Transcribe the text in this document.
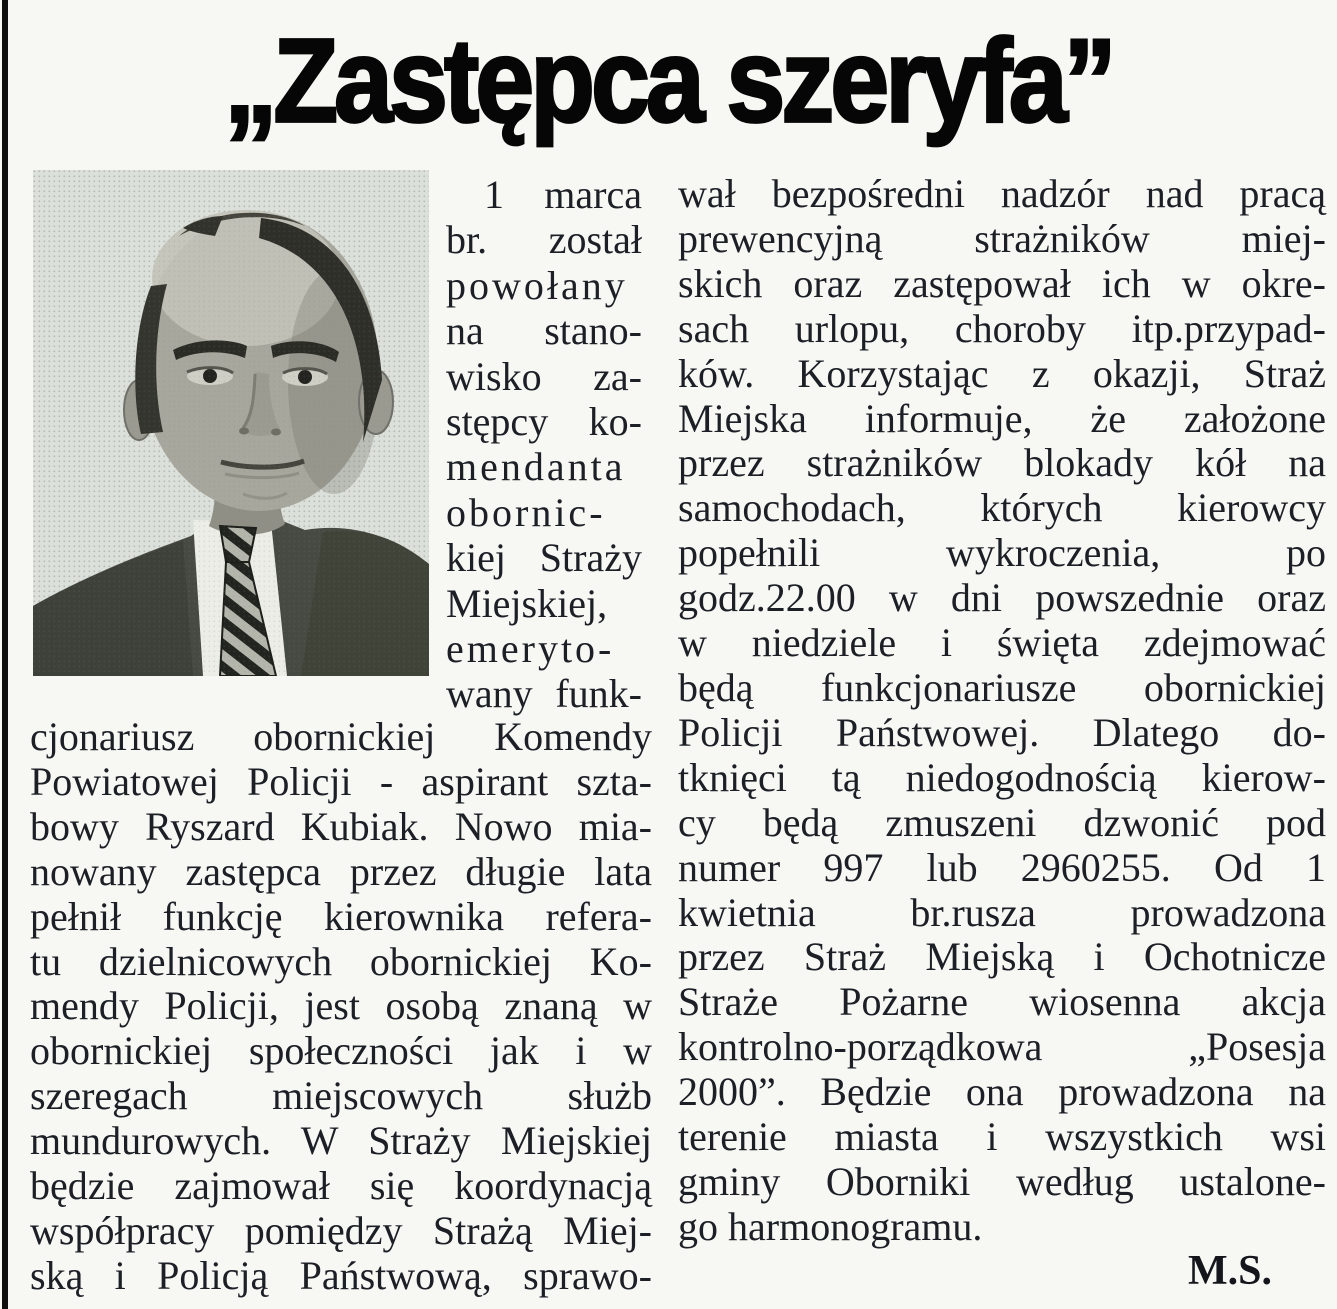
„Zastępca szeryfa”
1 marca
br. został
powołany
na stano-
wisko za-
stępcy ko-
mendanta
obornic-
kiej Straży
Miejskiej,
emeryto-
wany funk-
cjonariusz obornickiej Komendy
Powiatowej Policji - aspirant szta-
bowy Ryszard Kubiak. Nowo mia-
nowany zastępca przez długie lata
pełnił funkcję kierownika refera-
tu dzielnicowych obornickiej Ko-
mendy Policji, jest osobą znaną w
obornickiej społeczności jak i w
szeregach miejscowych służb
mundurowych. W Straży Miejskiej
będzie zajmował się koordynacją
współpracy pomiędzy Strażą Miej-
ską i Policją Państwową, sprawo-
wał bezpośredni nadzór nad pracą
prewencyjną strażników miej-
skich oraz zastępował ich w okre-
sach urlopu, choroby itp.przypad-
ków. Korzystając z okazji, Straż
Miejska informuje, że założone
przez strażników blokady kół na
samochodach, których kierowcy
popełnili wykroczenia, po
godz.22.00 w dni powszednie oraz
w niedziele i święta zdejmować
będą funkcjonariusze obornickiej
Policji Państwowej. Dlatego do-
tknięci tą niedogodnością kierow-
cy będą zmuszeni dzwonić pod
numer 997 lub 2960255. Od 1
kwietnia br.rusza prowadzona
przez Straż Miejską i Ochotnicze
Straże Pożarne wiosenna akcja
kontrolno-porządkowa „Posesja
2000”. Będzie ona prowadzona na
terenie miasta i wszystkich wsi
gminy Oborniki według ustalone-
go harmonogramu.
M.S.
